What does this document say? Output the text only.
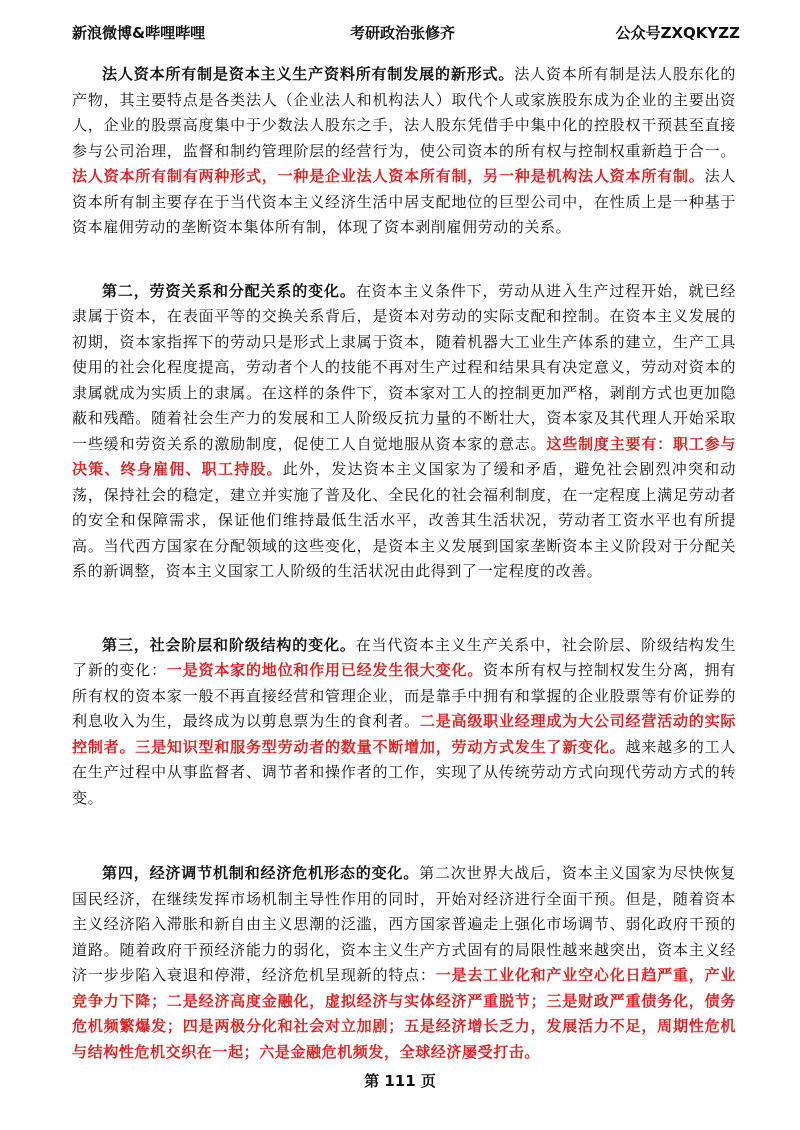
新浪微博&哔哩哔哩	考研政治张修齐	公众号ZXQKYZZ

法人资本所有制是资本主义生产资料所有制发展的新形式。法人资本所有制是法人股东化的产物，其主要特点是各类法人（企业法人和机构法人）取代个人或家族股东成为企业的主要出资人，企业的股票高度集中于少数法人股东之手，法人股东凭借手中集中化的控股权干预甚至直接参与公司治理，监督和制约管理阶层的经营行为，使公司资本的所有权与控制权重新趋于合一。法人资本所有制有两种形式，一种是企业法人资本所有制，另一种是机构法人资本所有制。法人资本所有制主要存在于当代资本主义经济生活中居支配地位的巨型公司中，在性质上是一种基于资本雇佣劳动的垄断资本集体所有制，体现了资本剥削雇佣劳动的关系。

第二，劳资关系和分配关系的变化。在资本主义条件下，劳动从进入生产过程开始，就已经隶属于资本，在表面平等的交换关系背后，是资本对劳动的实际支配和控制。在资本主义发展的初期，资本家指挥下的劳动只是形式上隶属于资本，随着机器大工业生产体系的建立，生产工具使用的社会化程度提高，劳动者个人的技能不再对生产过程和结果具有决定意义，劳动对资本的隶属就成为实质上的隶属。在这样的条件下，资本家对工人的控制更加严格，剥削方式也更加隐蔽和残酷。随着社会生产力的发展和工人阶级反抗力量的不断壮大，资本家及其代理人开始采取一些缓和劳资关系的激励制度，促使工人自觉地服从资本家的意志。这些制度主要有：职工参与决策、终身雇佣、职工持股。此外，发达资本主义国家为了缓和矛盾，避免社会剧烈冲突和动荡，保持社会的稳定，建立并实施了普及化、全民化的社会福利制度，在一定程度上满足劳动者的安全和保障需求，保证他们维持最低生活水平，改善其生活状况，劳动者工资水平也有所提高。当代西方国家在分配领域的这些变化，是资本主义发展到国家垄断资本主义阶段对于分配关系的新调整，资本主义国家工人阶级的生活状况由此得到了一定程度的改善。

第三，社会阶层和阶级结构的变化。在当代资本主义生产关系中，社会阶层、阶级结构发生了新的变化：一是资本家的地位和作用已经发生很大变化。资本所有权与控制权发生分离，拥有所有权的资本家一般不再直接经营和管理企业，而是靠手中拥有和掌握的企业股票等有价证券的利息收入为生，最终成为以剪息票为生的食利者。二是高级职业经理成为大公司经营活动的实际控制者。三是知识型和服务型劳动者的数量不断增加，劳动方式发生了新变化。越来越多的工人在生产过程中从事监督者、调节者和操作者的工作，实现了从传统劳动方式向现代劳动方式的转变。

第四，经济调节机制和经济危机形态的变化。第二次世界大战后，资本主义国家为尽快恢复国民经济，在继续发挥市场机制主导性作用的同时，开始对经济进行全面干预。但是，随着资本主义经济陷入滞胀和新自由主义思潮的泛滥，西方国家普遍走上强化市场调节、弱化政府干预的道路。随着政府干预经济能力的弱化，资本主义生产方式固有的局限性越来越突出，资本主义经济一步步陷入衰退和停滞，经济危机呈现新的特点：一是去工业化和产业空心化日趋严重，产业竞争力下降；二是经济高度金融化，虚拟经济与实体经济严重脱节；三是财政严重债务化，债务危机频繁爆发；四是两极分化和社会对立加剧；五是经济增长乏力，发展活力不足，周期性危机与结构性危机交织在一起；六是金融危机频发，全球经济屡受打击。

第 111 页
